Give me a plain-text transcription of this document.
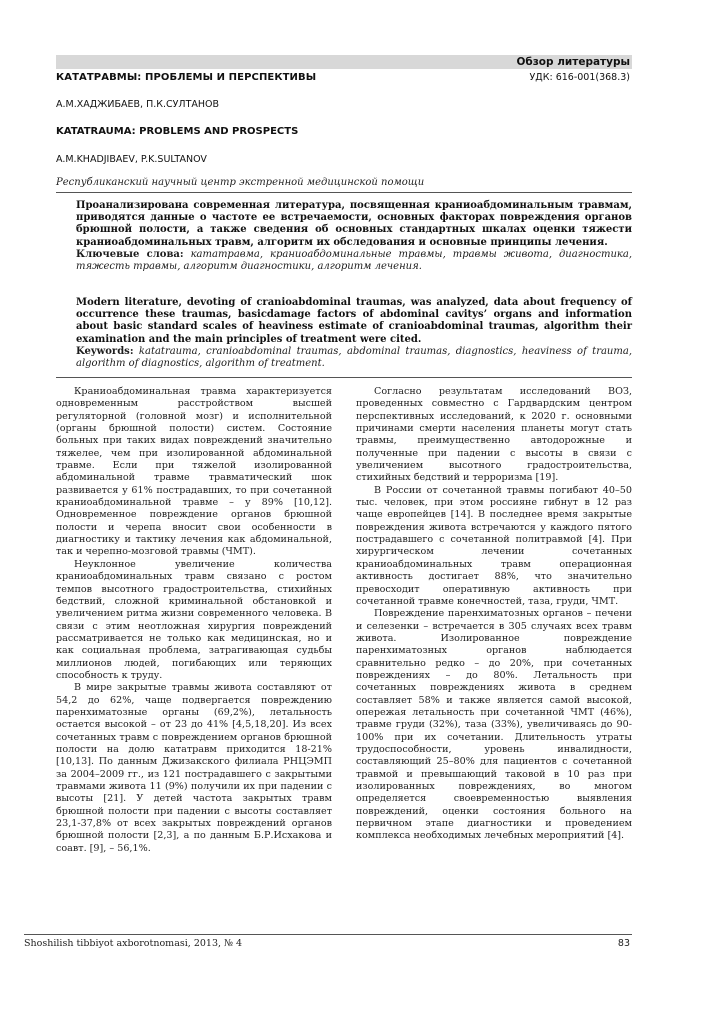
Обзор литературы
КАТАТРАВМЫ: ПРОБЛЕМЫ И ПЕРСПЕКТИВЫ	УДК: 616-001(368.3)
А.М.ХАДЖИБАЕВ, П.К.СУЛТАНОВ
KATATRAUMA: PROBLEMS AND PROSPECTS
A.M.KHADJIBAEV, P.K.SULTANOV
Республиканский научный центр экстренной медицинской помощи
Проанализирована современная литература, посвященная краниоабдоминальным травмам, приводятся данные о частоте ее встречаемости, основных факторах повреждения органов брюшной полости, а также сведения об основных стандартных шкалах оценки тяжести краниоабдоминальных травм, алгоритм их обследования и основные принципы лечения.
Ключевые слова: кататравма, краниоабдоминальные травмы, травмы живота, диагностика, тяжесть травмы, алгоритм диагностики, алгоритм лечения.
Modern literature, devoting of cranioabdominal traumas, was analyzed, data about frequency of occurrence these traumas, basicdamage factors of abdominal cavitys’ organs and information about basic standard scales of heaviness estimate of cranioabdominal traumas, algorithm their examination and the main principles of treatment were cited.
Keywords: katatrauma, cranioabdominal traumas, abdominal traumas, diagnostics, heaviness of trauma, algorithm of diagnostics, algorithm of treatment.

Краниоабдоминальная травма характеризуется одновременным расстройством высшей регуляторной (головной мозг) и исполнительной (органы брюшной полости) систем. Состояние больных при таких видах повреждений значительно тяжелее, чем при изолированной абдоминальной травме. Если при тяжелой изолированной абдоминальной травме травматический шок развивается у 61% пострадавших, то при сочетанной краниоабдоминальной травме – у 89% [10,12]. Одновременное повреждение органов брюшной полости и черепа вносит свои особенности в диагностику и тактику лечения как абдоминальной, так и черепно-мозговой травмы (ЧМТ).

Неуклонное увеличение количества краниоабдоминальных травм связано с ростом темпов высотного градостроительства, стихийных бедствий, сложной криминальной обстановкой и увеличением ритма жизни современного человека. В связи с этим неотложная хирургия повреждений рассматривается не только как медицинская, но и как социальная проблема, затрагивающая судьбы миллионов людей, погибающих или теряющих способность к труду.

В мире закрытые травмы живота составляют от 54,2 до 62%, чаще подвергается повреждению паренхиматозные органы (69,2%), летальность остается высокой – от 23 до 41% [4,5,18,20]. Из всех сочетанных травм с повреждением органов брюшной полости на долю кататравм приходится 18-21% [10,13]. По данным Джизакского филиала РНЦЭМП за 2004–2009 гг., из 121 пострадавшего с закрытыми травмами живота 11 (9%) получили их при падении с высоты [21]. У детей частота закрытых травм брюшной полости при падении с высоты составляет 23,1-37,8% от всех закрытых повреждений органов брюшной полости [2,3], а по данным Б.Р.Исхакова и соавт. [9], – 56,1%.

Согласно результатам исследований ВОЗ, проведенных совместно с Гардвардским центром перспективных исследований, к 2020 г. основными причинами смерти населения планеты могут стать травмы, преимущественно автодорожные и полученные при падении с высоты в связи с увеличением высотного градостроительства, стихийных бедствий и терроризма [19].

В России от сочетанной травмы погибают 40–50 тыс. человек, при этом россияне гибнут в 12 раз чаще европейцев [14]. В последнее время закрытые повреждения живота встречаются у каждого пятого пострадавшего с сочетанной политравмой [4]. При хирургическом лечении сочетанных краниоабдоминальных травм операционная активность достигает 88%, что значительно превосходит оперативную активность при сочетанной травме конечностей, таза, груди, ЧМТ.

Повреждение паренхиматозных органов – печени и селезенки – встречается в 305 случаях всех травм живота. Изолированное повреждение паренхиматозных органов наблюдается сравнительно редко – до 20%, при сочетанных повреждениях – до 80%. Летальность при сочетанных повреждениях живота в среднем составляет 58% и также является самой высокой, опережая летальность при сочетанной ЧМТ (46%), травме груди (32%), таза (33%), увеличиваясь до 90-100% при их сочетании. Длительность утраты трудоспособности, уровень инвалидности, составляющий 25–80% для пациентов с сочетанной травмой и превышающий таковой в 10 раз при изолированных повреждениях, во многом определяется своевременностью выявления повреждений, оценки состояния больного на первичном этапе диагностики и проведением комплекса необходимых лечебных мероприятий [4].

Shoshilish tibbiyot axborotnomasi, 2013, № 4	83
